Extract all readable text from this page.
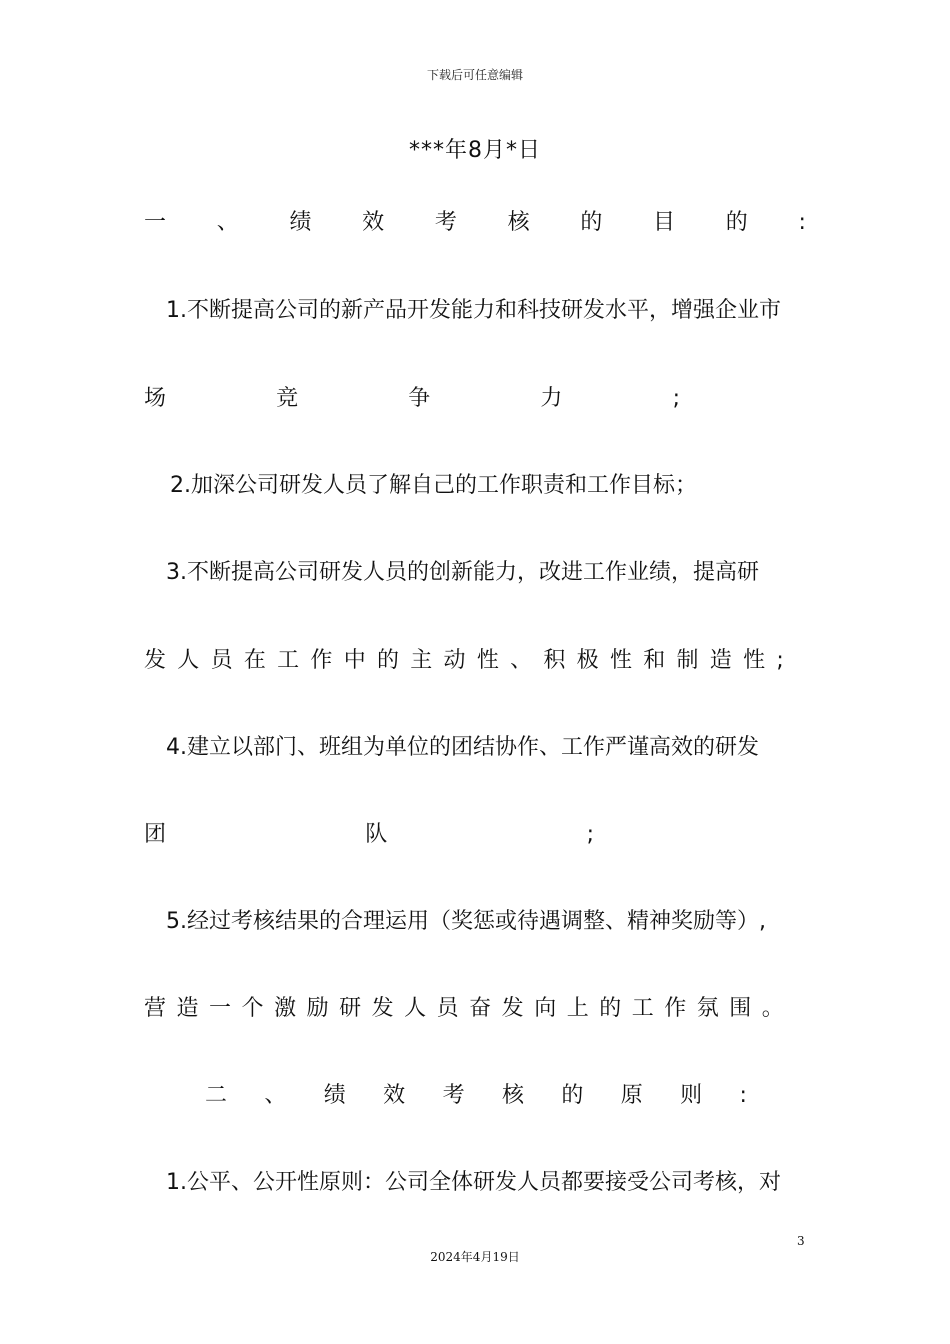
下载后可任意编辑
***年8月*日
一 、 绩 效 考 核 的 目 的 :
1.不断提高公司的新产品开发能力和科技研发水平，增强企业市
场	竞	争	力	;
2.加深公司研发人员了解自己的工作职责和工作目标；
3.不断提高公司研发人员的创新能力，改进工作业绩，提高研
发 人 员 在 工 作 中 的 主 动 性 、 积 极 性 和 制 造 性 ;
4.建立以部门、班组为单位的团结协作、工作严谨高效的研发
团	队	;
5.经过考核结果的合理运用（奖惩或待遇调整、精神奖励等）,
营 造 一 个 激 励 研 发 人 员 奋 发 向 上 的 工 作 氛 围 。
二 、 绩 效 考 核 的 原 则 :
1.公平、公开性原则：公司全体研发人员都要接受公司考核，对
3
2024年4月19日
